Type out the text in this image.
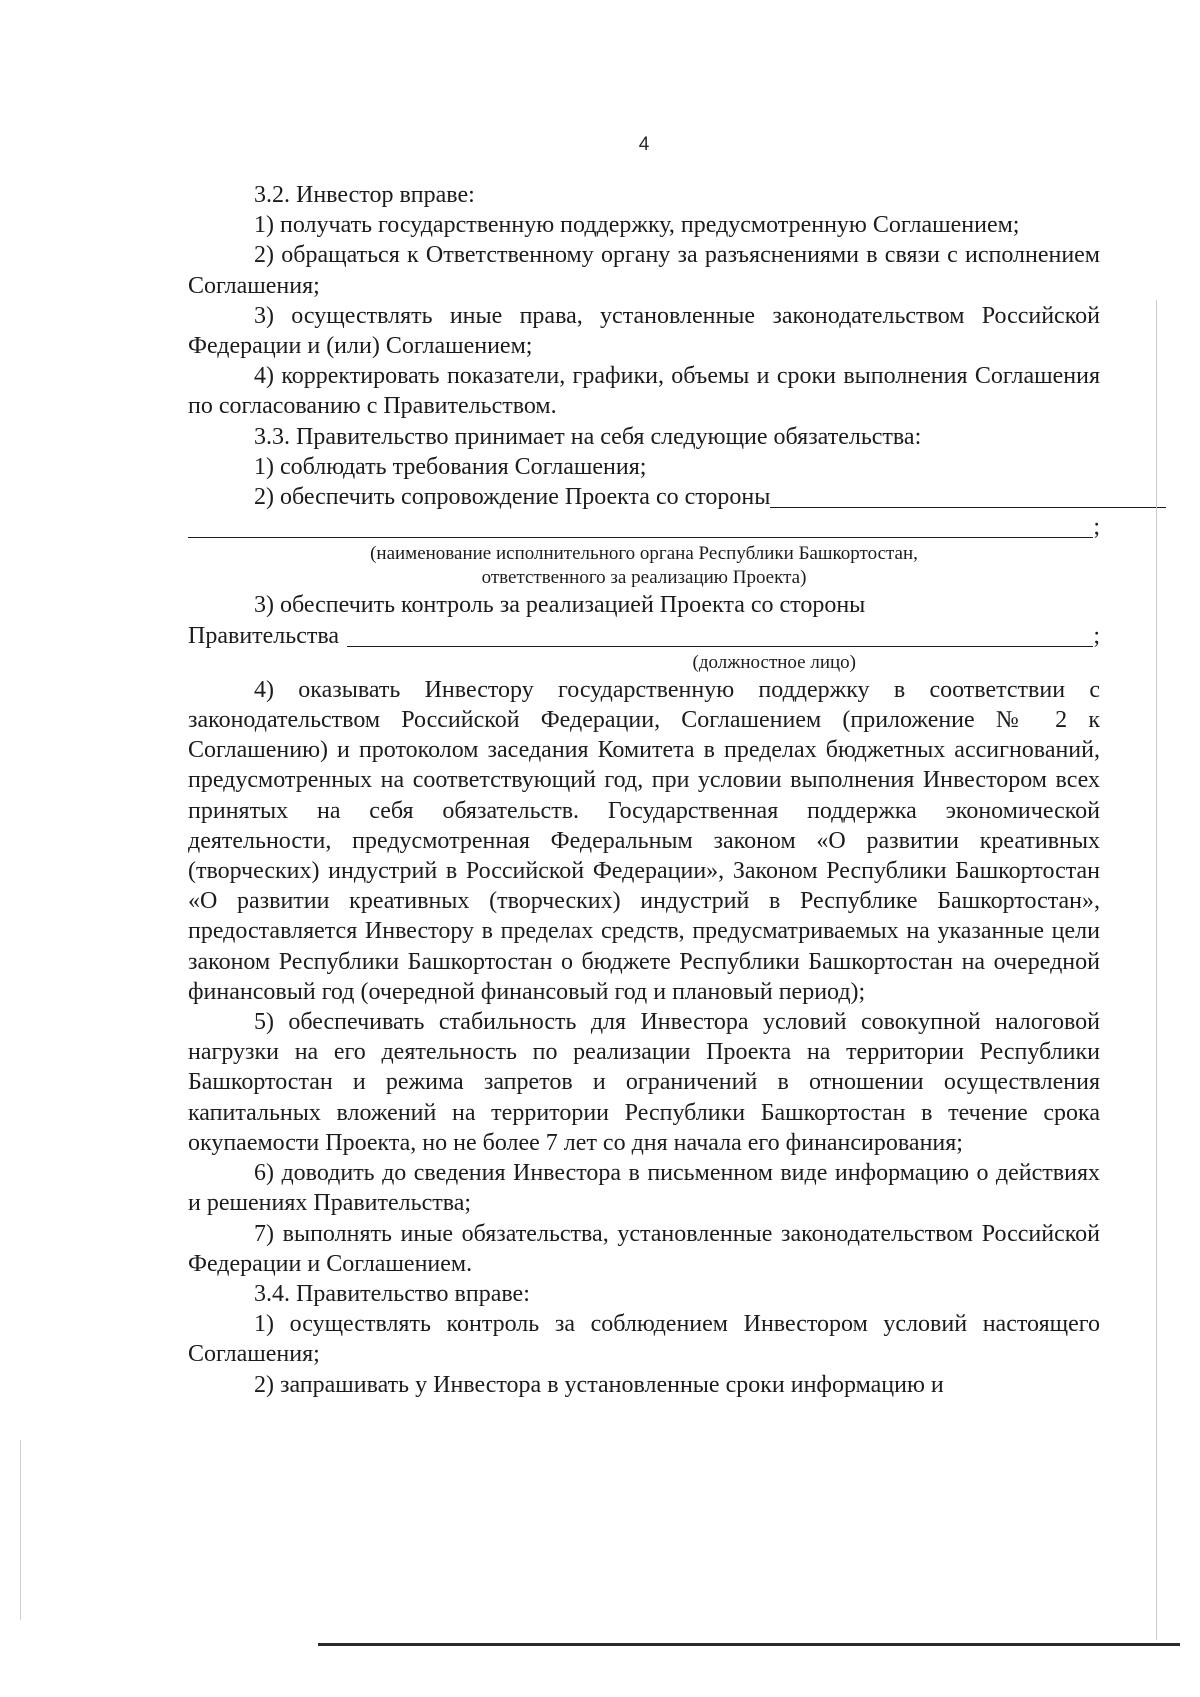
4

3.2. Инвестор вправе:

1) получать государственную поддержку, предусмотренную Соглашением;

2) обращаться к Ответственному органу за разъяснениями в связи с исполнением Соглашения;

3) осуществлять иные права, установленные законодательством Российской Федерации и (или) Соглашением;

4) корректировать показатели, графики, объемы и сроки выполнения Соглашения по согласованию с Правительством.

3.3. Правительство принимает на себя следующие обязательства:

1) соблюдать требования Соглашения;

2) обеспечить сопровождение Проекта со стороны
;
(наименование исполнительного органа Республики Башкортостан,
ответственного за реализацию Проекта)

3) обеспечить контроль за реализацией Проекта со стороны

Правительства	;
(должностное лицо)

4) оказывать Инвестору государственную поддержку в соответствии с законодательством Российской Федерации, Соглашением (приложение № 2 к Соглашению) и протоколом заседания Комитета в пределах бюджетных ассигнований, предусмотренных на соответствующий год, при условии выполнения Инвестором всех принятых на себя обязательств. Государственная поддержка экономической деятельности, предусмотренная Федеральным законом «О развитии креативных (творческих) индустрий в Российской Федерации», Законом Республики Башкортостан «О развитии креативных (творческих) индустрий в Республике Башкортостан», предоставляется Инвестору в пределах средств, предусматриваемых на указанные цели законом Республики Башкортостан о бюджете Республики Башкортостан на очередной финансовый год (очередной финансовый год и плановый период);

5) обеспечивать стабильность для Инвестора условий совокупной налоговой нагрузки на его деятельность по реализации Проекта на территории Республики Башкортостан и режима запретов и ограничений в отношении осуществления капитальных вложений на территории Республики Башкортостан в течение срока окупаемости Проекта, но не более 7 лет со дня начала его финансирования;

6) доводить до сведения Инвестора в письменном виде информацию о действиях и решениях Правительства;

7) выполнять иные обязательства, установленные законодательством Российской Федерации и Соглашением.

3.4. Правительство вправе:

1) осуществлять контроль за соблюдением Инвестором условий настоящего Соглашения;

2) запрашивать у Инвестора в установленные сроки информацию и
